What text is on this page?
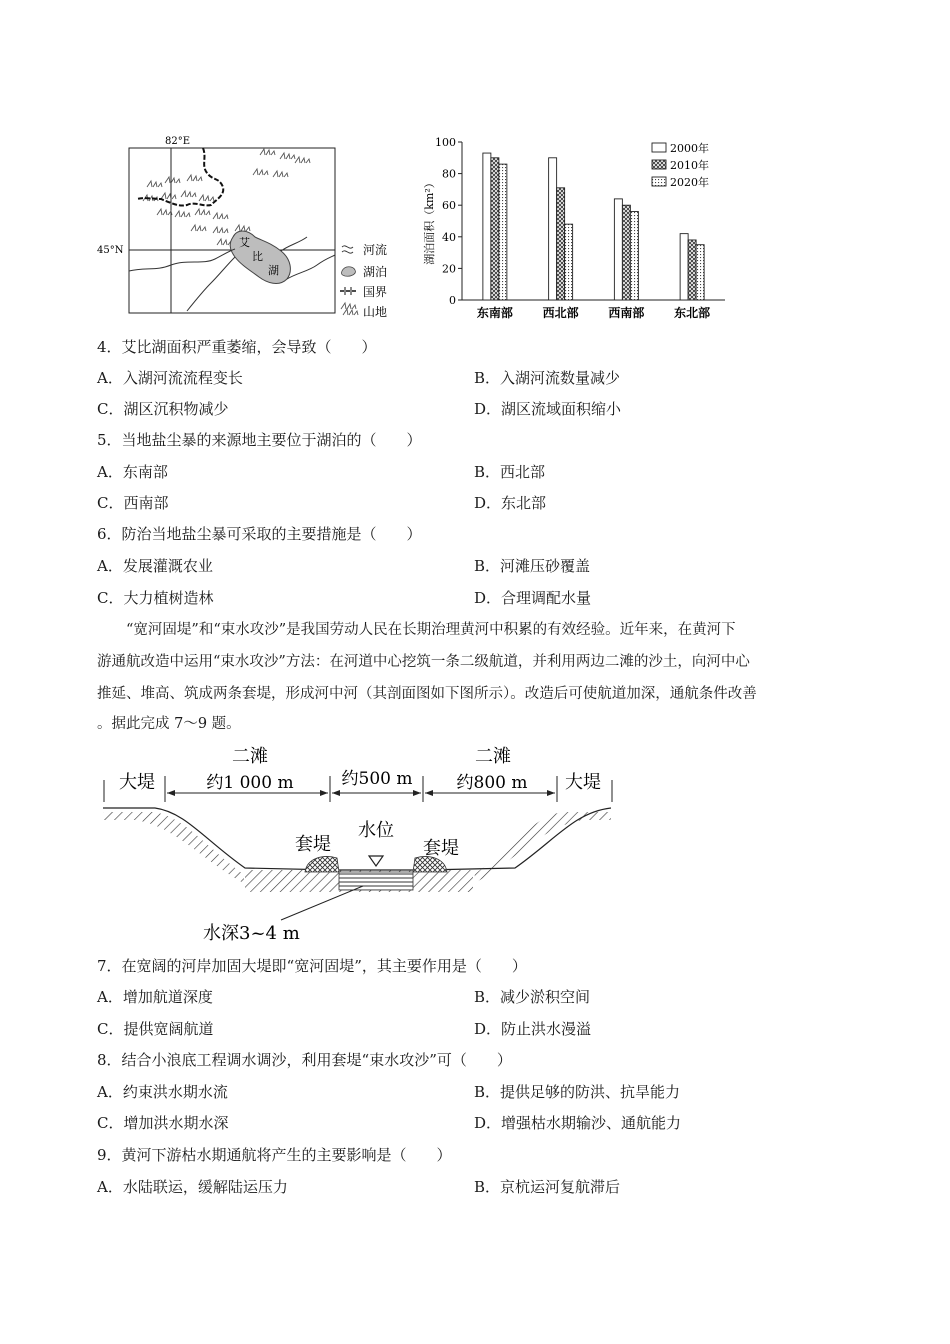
82°E
45°N
艾
比
湖
河流
湖泊
国界
山地
0
20
40
60
80
100
东南部 西北部 西南部 东北部
2000年
2010年
2020年
湖泊面积（km²）
4．艾比湖面积严重萎缩，会导致（　　）
A．入湖河流流程变长	B．入湖河流数量减少
C．湖区沉积物减少	D．湖区流域面积缩小
5．当地盐尘暴的来源地主要位于湖泊的（　　）
A．东南部	B．西北部
C．西南部	D．东北部
6．防治当地盐尘暴可采取的主要措施是（　　）
A．发展灌溉农业	B．河滩压砂覆盖
C．大力植树造林	D．合理调配水量
　　“宽河固堤”和“束水攻沙”是我国劳动人民在长期治理黄河中积累的有效经验。近年来，在黄河下
游通航改造中运用“束水攻沙”方法：在河道中心挖筑一条二级航道，并利用两边二滩的沙土，向河中心
推延、堆高、筑成两条套堤，形成河中河（其剖面图如下图所示）。改造后可使航道加深，通航条件改善
。据此完成 7～9 题。
二滩	二滩
大堤	大堤
约1 000 m	约500 m	约800 m
水位
套堤	套堤
水深3~4 m
7．在宽阔的河岸加固大堤即“宽河固堤”，其主要作用是（　　）
A．增加航道深度	B．减少淤积空间
C．提供宽阔航道	D．防止洪水漫溢
8．结合小浪底工程调水调沙，利用套堤“束水攻沙”可（　　）
A．约束洪水期水流	B．提供足够的防洪、抗旱能力
C．增加洪水期水深	D．增强枯水期输沙、通航能力
9．黄河下游枯水期通航将产生的主要影响是（　　）
A．水陆联运，缓解陆运压力	B．京杭运河复航滞后
